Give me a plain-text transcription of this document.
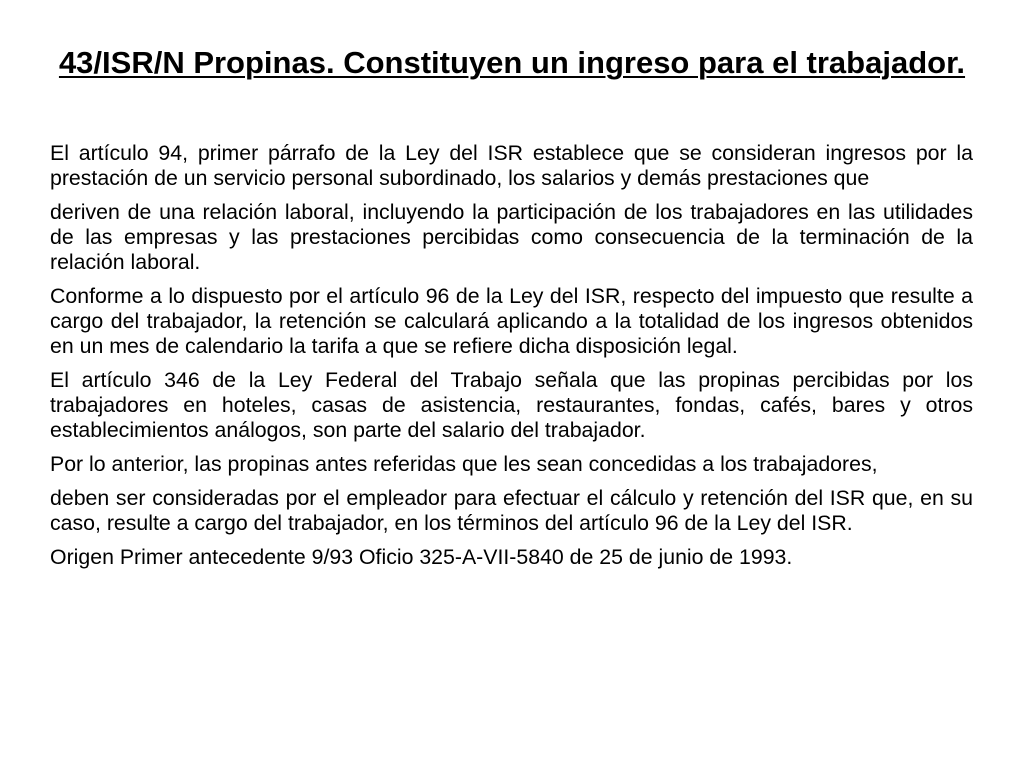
43/ISR/N Propinas. Constituyen un ingreso para el trabajador.

El artículo 94, primer párrafo de la Ley del ISR establece que se consideran ingresos por la prestación de un servicio personal subordinado, los salarios y demás prestaciones que

deriven de una relación laboral, incluyendo la participación de los trabajadores en las utilidades de las empresas y las prestaciones percibidas como consecuencia de la terminación de la relación laboral.

Conforme a lo dispuesto por el artículo 96 de la Ley del ISR, respecto del impuesto que resulte a cargo del trabajador, la retención se calculará aplicando a la totalidad de los ingresos obtenidos en un mes de calendario la tarifa a que se refiere dicha disposición legal.

El artículo 346 de la Ley Federal del Trabajo señala que las propinas percibidas por los trabajadores en hoteles, casas de asistencia, restaurantes, fondas, cafés, bares y otros establecimientos análogos, son parte del salario del trabajador.

Por lo anterior, las propinas antes referidas que les sean concedidas a los trabajadores,

deben ser consideradas por el empleador para efectuar el cálculo y retención del ISR que, en su caso, resulte a cargo del trabajador, en los términos del artículo 96 de la Ley del ISR.

Origen Primer antecedente 9/93 Oficio 325-A-VII-5840 de 25 de junio de 1993.
